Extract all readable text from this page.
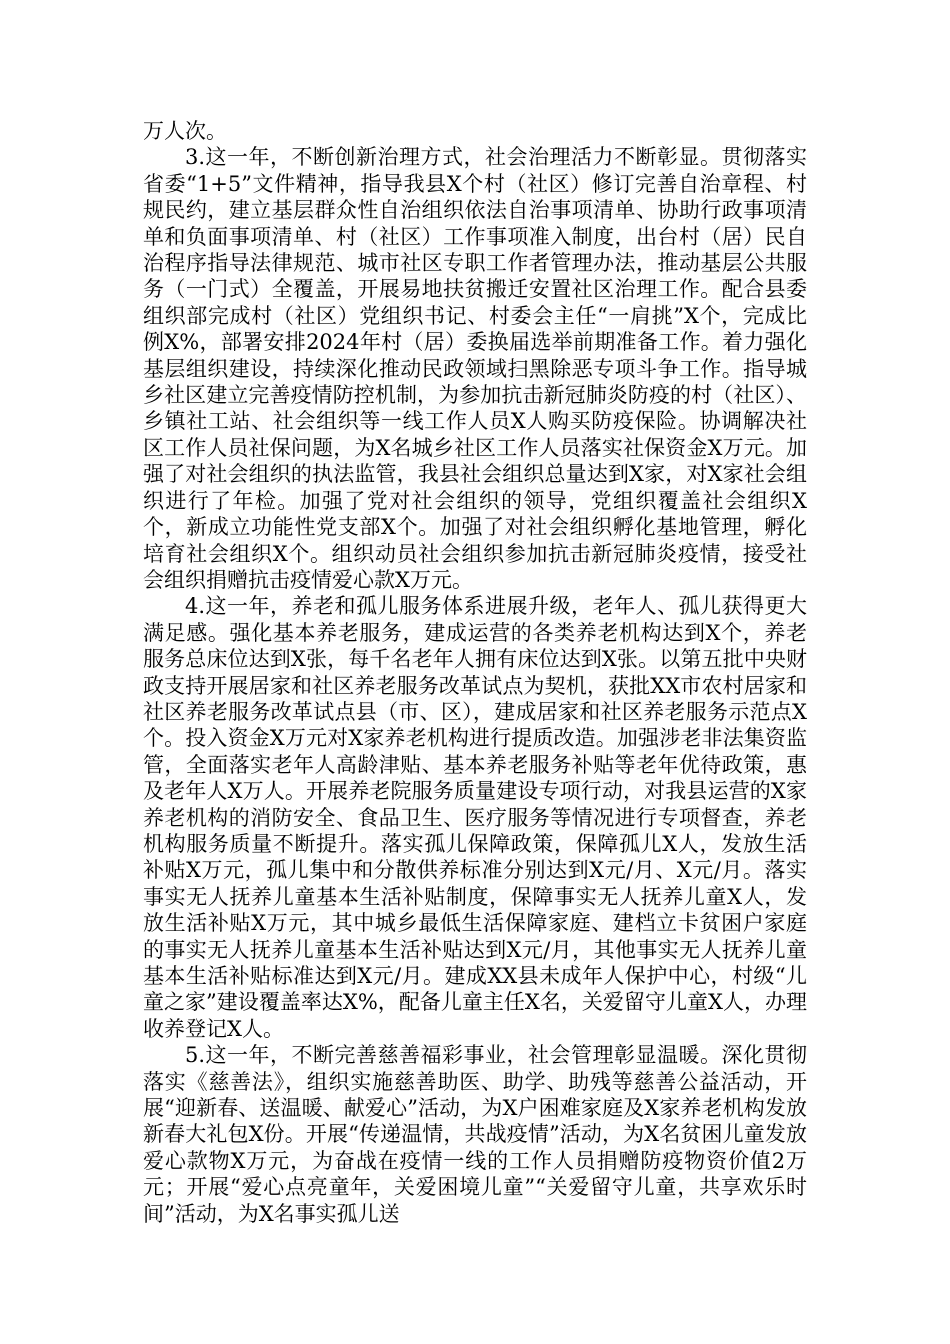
万人次。

3.这一年，不断创新治理方式，社会治理活力不断彰显。贯彻落实省委“1+5”文件精神，指导我县X个村（社区）修订完善自治章程、村规民约，建立基层群众性自治组织依法自治事项清单、协助行政事项清单和负面事项清单、村（社区）工作事项准入制度，出台村（居）民自治程序指导法律规范、城市社区专职工作者管理办法，推动基层公共服务（一门式）全覆盖，开展易地扶贫搬迁安置社区治理工作。配合县委组织部完成村（社区）党组织书记、村委会主任“一肩挑”X个，完成比例X%，部署安排2024年村（居）委换届选举前期准备工作。着力强化基层组织建设，持续深化推动民政领域扫黑除恶专项斗争工作。指导城乡社区建立完善疫情防控机制，为参加抗击新冠肺炎防疫的村（社区）、乡镇社工站、社会组织等一线工作人员X人购买防疫保险。协调解决社区工作人员社保问题，为X名城乡社区工作人员落实社保资金X万元。加强了对社会组织的执法监管，我县社会组织总量达到X家，对X家社会组织进行了年检。加强了党对社会组织的领导，党组织覆盖社会组织X个，新成立功能性党支部X个。加强了对社会组织孵化基地管理，孵化培育社会组织X个。组织动员社会组织参加抗击新冠肺炎疫情，接受社会组织捐赠抗击疫情爱心款X万元。

4.这一年，养老和孤儿服务体系进展升级，老年人、孤儿获得更大满足感。强化基本养老服务，建成运营的各类养老机构达到X个，养老服务总床位达到X张，每千名老年人拥有床位达到X张。以第五批中央财政支持开展居家和社区养老服务改革试点为契机，获批XX市农村居家和社区养老服务改革试点县（市、区），建成居家和社区养老服务示范点X个。投入资金X万元对X家养老机构进行提质改造。加强涉老非法集资监管，全面落实老年人高龄津贴、基本养老服务补贴等老年优待政策，惠及老年人X万人。开展养老院服务质量建设专项行动，对我县运营的X家养老机构的消防安全、食品卫生、医疗服务等情况进行专项督查，养老机构服务质量不断提升。落实孤儿保障政策，保障孤儿X人，发放生活补贴X万元，孤儿集中和分散供养标准分别达到X元/月、X元/月。落实事实无人抚养儿童基本生活补贴制度，保障事实无人抚养儿童X人，发放生活补贴X万元，其中城乡最低生活保障家庭、建档立卡贫困户家庭的事实无人抚养儿童基本生活补贴达到X元/月，其他事实无人抚养儿童基本生活补贴标准达到X元/月。建成XX县未成年人保护中心，村级“儿童之家”建设覆盖率达X%，配备儿童主任X名，关爱留守儿童X人，办理收养登记X人。

5.这一年，不断完善慈善福彩事业，社会管理彰显温暖。深化贯彻落实《慈善法》，组织实施慈善助医、助学、助残等慈善公益活动，开展“迎新春、送温暖、献爱心”活动，为X户困难家庭及X家养老机构发放新春大礼包X份。开展“传递温情，共战疫情”活动，为X名贫困儿童发放爱心款物X万元，为奋战在疫情一线的工作人员捐赠防疫物资价值2万元；开展“爱心点亮童年，关爱困境儿童”“关爱留守儿童，共享欢乐时间”活动，为X名事实孤儿送
